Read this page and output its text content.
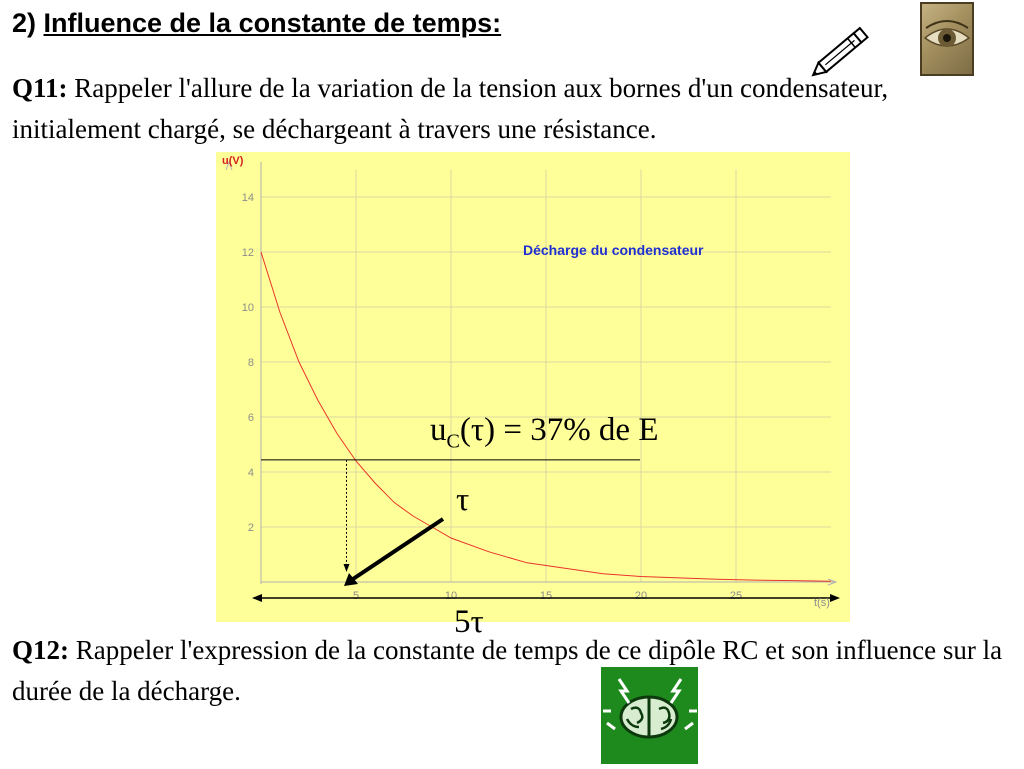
2) Influence de la constante de temps:
Q11: Rappeler l'allure de la variation de la tension aux bornes d'un condensateur, initialement chargé, se déchargeant à travers une résistance.
5	10	15	20	25
2
4
6
8
10
12
14
u(V)
t(s)
Décharge du condensateur
$u_C(\tau) = 37\%$ de E
τ
5τ
Q12: Rappeler l'expression de la constante de temps de ce dipôle RC et son influence sur la durée de la décharge.
